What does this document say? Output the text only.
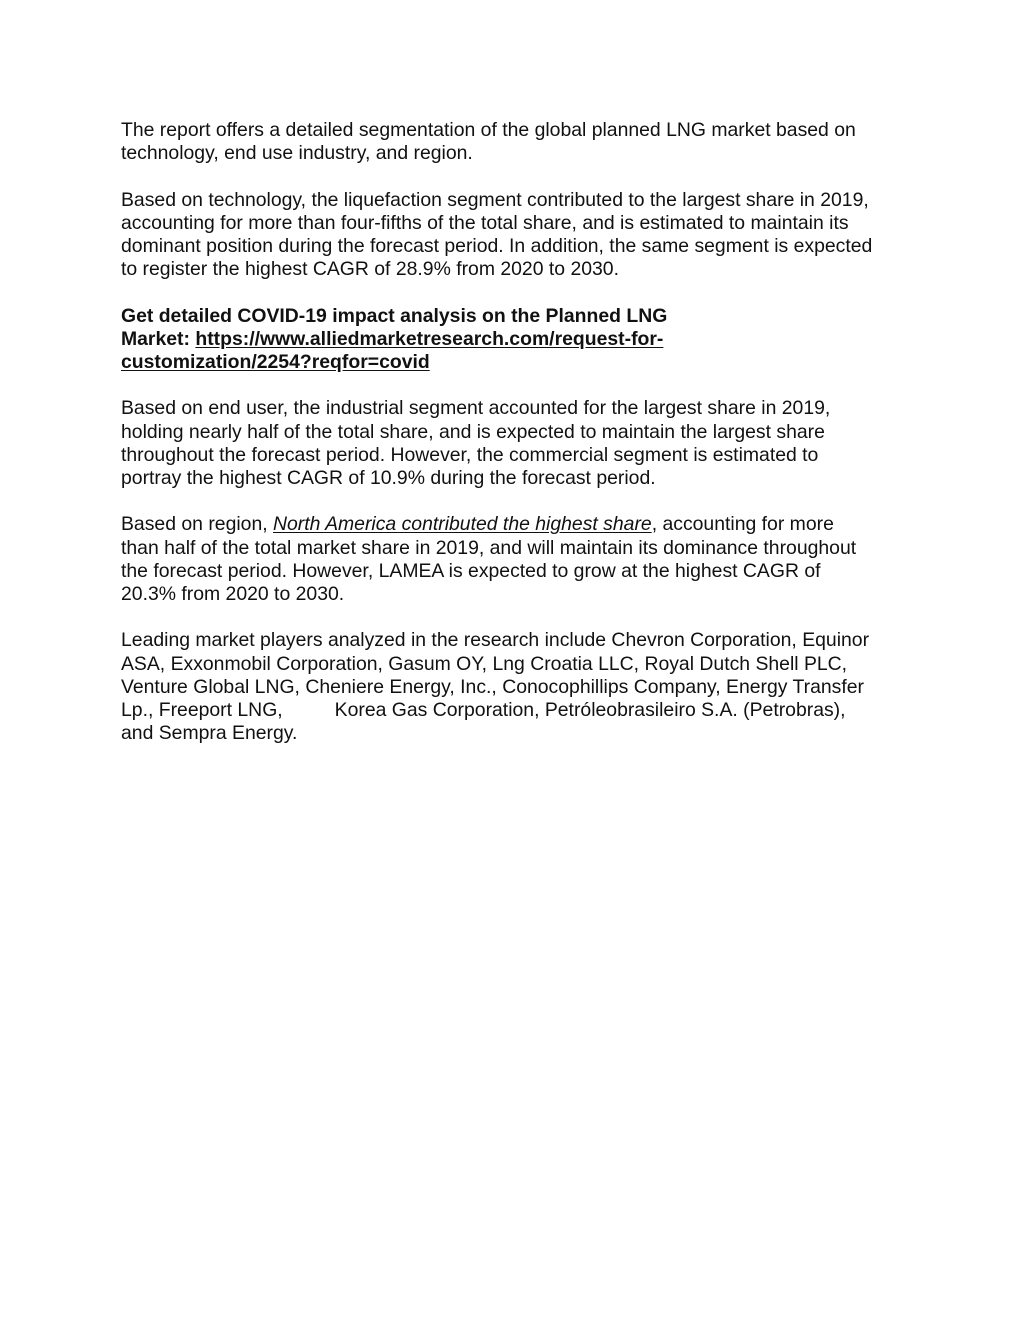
The report offers a detailed segmentation of the global planned LNG market based on
technology, end use industry, and region.

Based on technology, the liquefaction segment contributed to the largest share in 2019,
accounting for more than four-fifths of the total share, and is estimated to maintain its
dominant position during the forecast period. In addition, the same segment is expected
to register the highest CAGR of 28.9% from 2020 to 2030.

Get detailed COVID-19 impact analysis on the Planned LNG
Market: https://www.alliedmarketresearch.com/request-for-
customization/2254?reqfor=covid

Based on end user, the industrial segment accounted for the largest share in 2019,
holding nearly half of the total share, and is expected to maintain the largest share
throughout the forecast period. However, the commercial segment is estimated to
portray the highest CAGR of 10.9% during the forecast period.

Based on region, North America contributed the highest share, accounting for more
than half of the total market share in 2019, and will maintain its dominance throughout
the forecast period. However, LAMEA is expected to grow at the highest CAGR of
20.3% from 2020 to 2030.

Leading market players analyzed in the research include Chevron Corporation, Equinor
ASA, Exxonmobil Corporation, Gasum OY, Lng Croatia LLC, Royal Dutch Shell PLC,
Venture Global LNG, Cheniere Energy, Inc., Conocophillips Company, Energy Transfer
Lp., Freeport LNG,	Korea Gas Corporation, Petróleobrasileiro S.A. (Petrobras),
and Sempra Energy.
